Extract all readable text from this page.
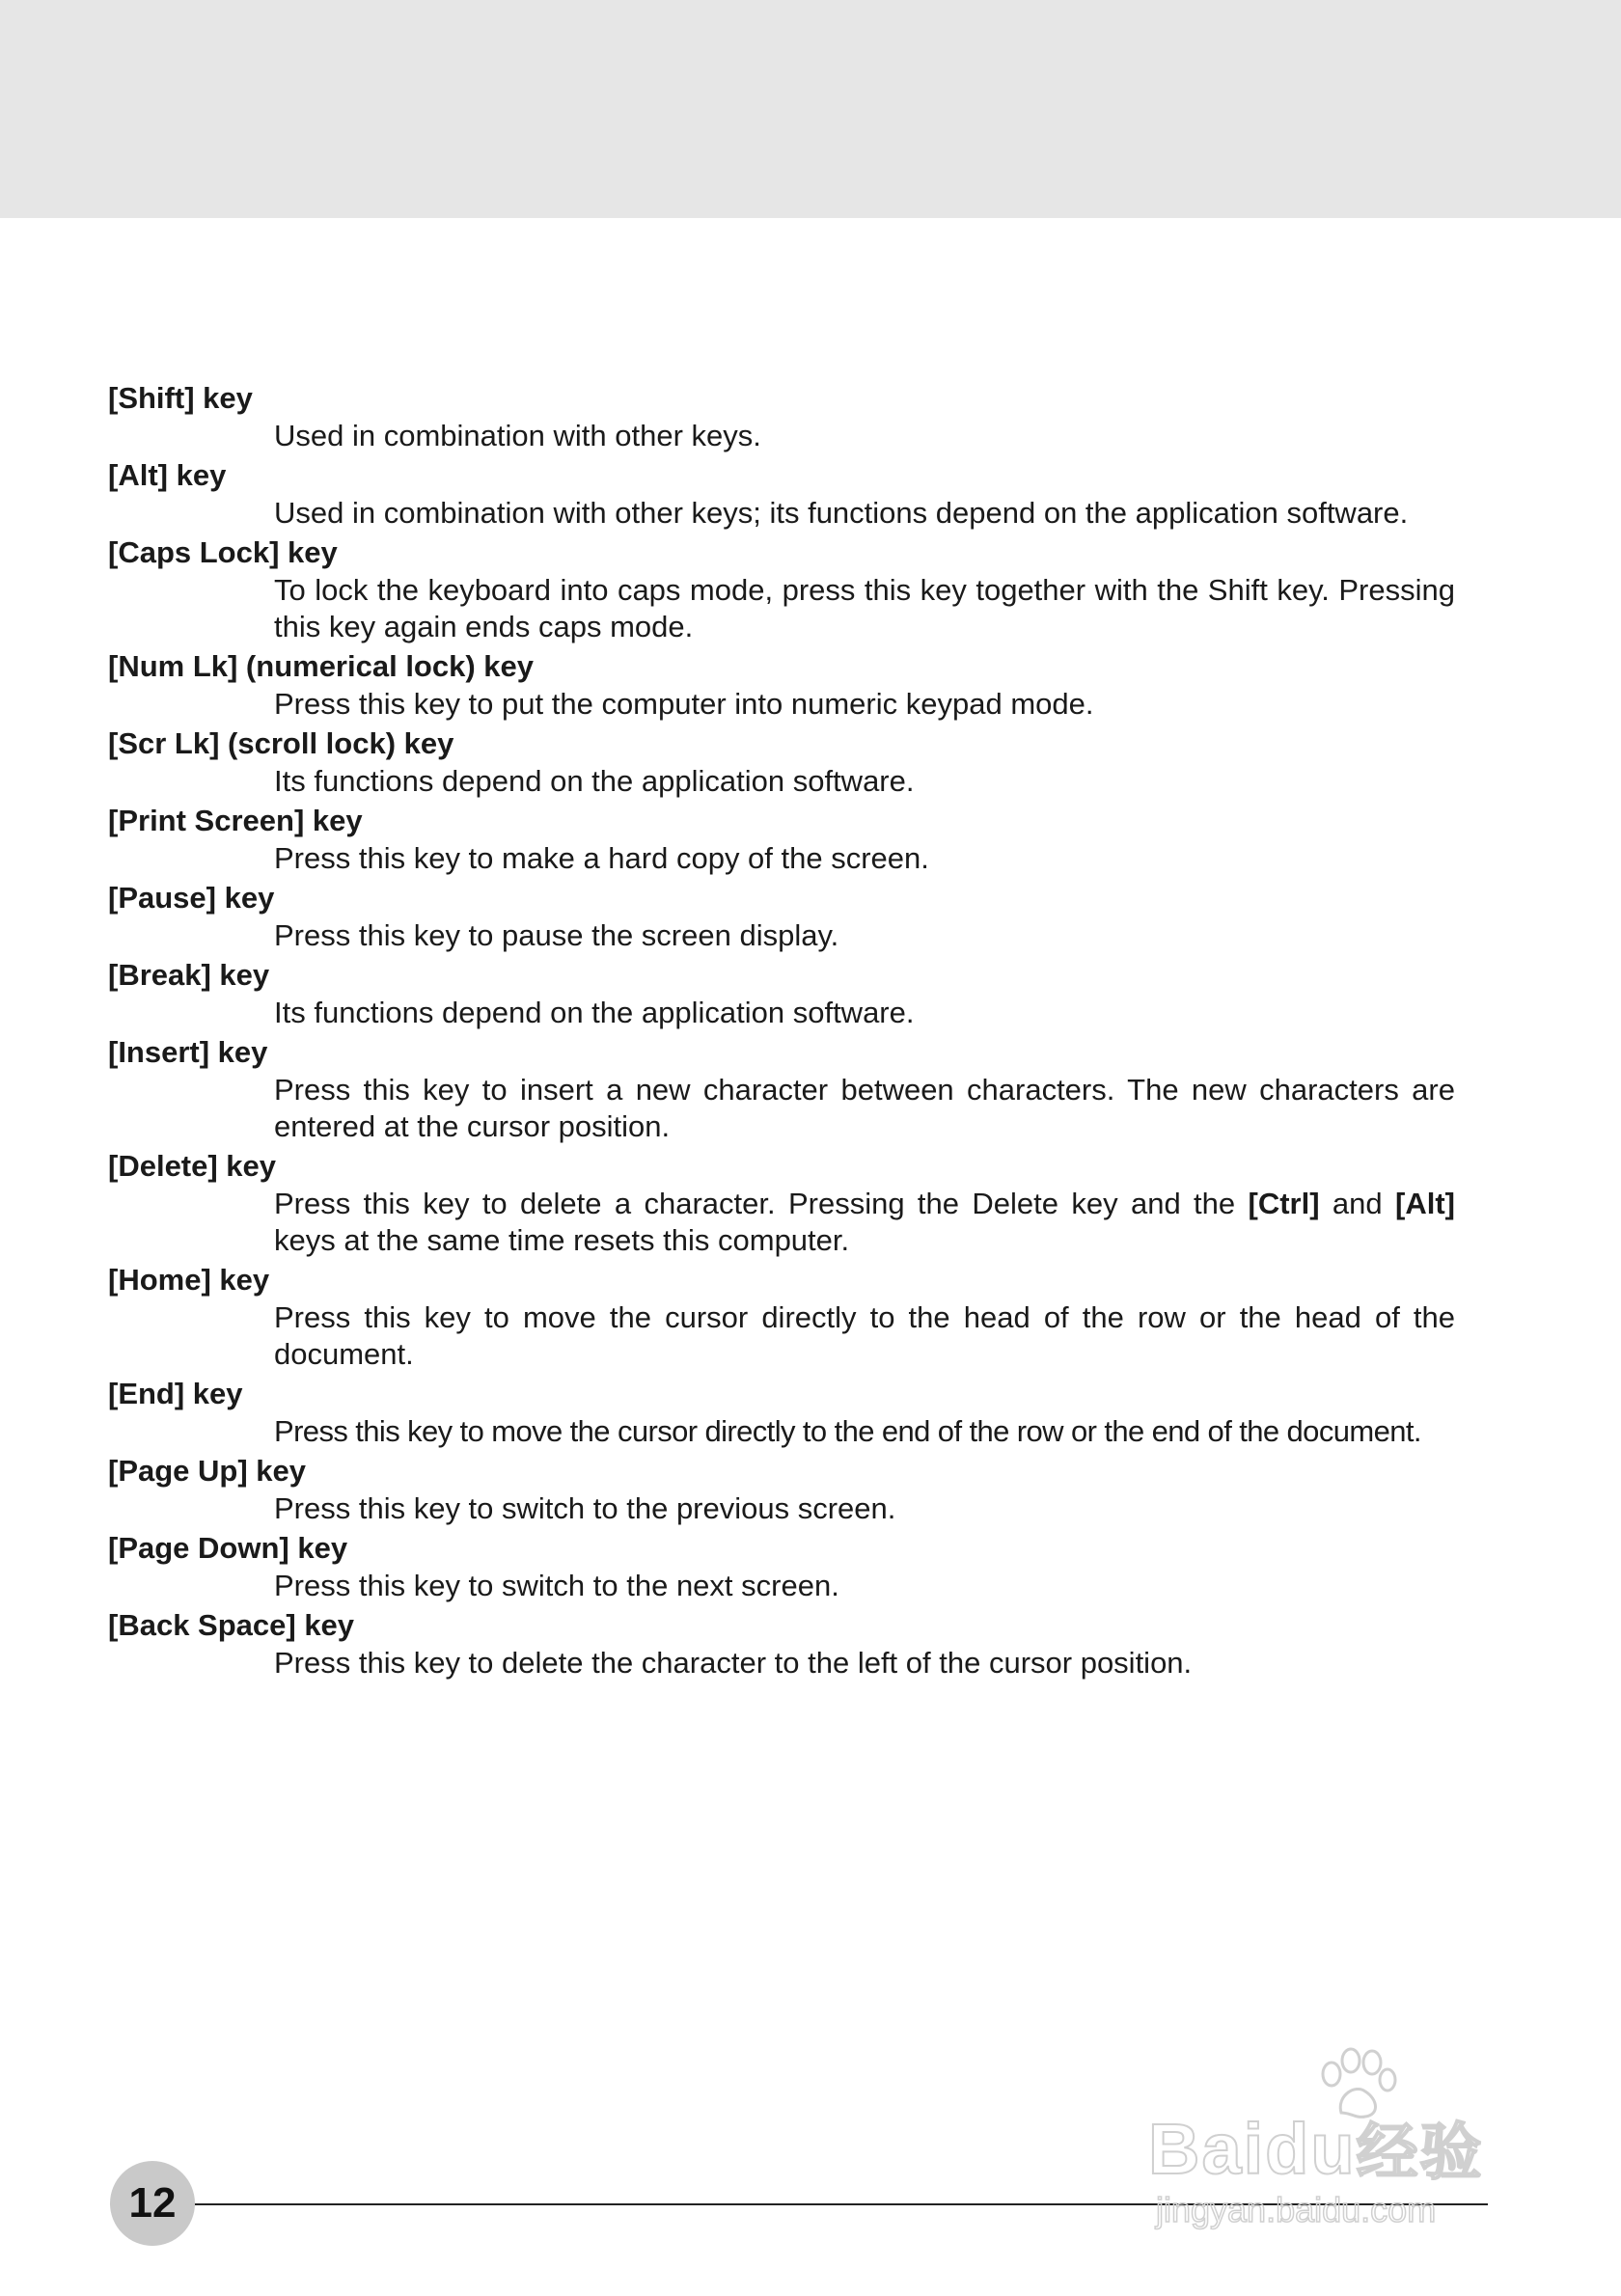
[Shift] key

Used in combination with other keys.

[Alt] key

Used in combination with other keys; its functions depend on the application software.

[Caps Lock] key

To lock the keyboard into caps mode, press this key together with the Shift key. Pressing this key again ends caps mode.

[Num Lk] (numerical lock) key

Press this key to put the computer into numeric keypad mode.

[Scr Lk] (scroll lock) key

Its functions depend on the application software.

[Print Screen] key

Press this key to make a hard copy of the screen.

[Pause] key

Press this key to pause the screen display.

[Break] key

Its functions depend on the application software.

[Insert] key

Press this key to insert a new character between characters. The new characters are entered at the cursor position.

[Delete] key

Press this key to delete a character. Pressing the Delete key and the [Ctrl] and [Alt] keys at the same time resets this computer.

[Home] key

Press this key to move the cursor directly to the head of the row or the head of the document.

[End] key

Press this key to move the cursor directly to the end of the row or the end of the document.

[Page Up] key

Press this key to switch to the previous screen.

[Page Down] key

Press this key to switch to the next screen.

[Back Space] key

Press this key to delete the character to the left of the cursor position.

12
Baidu经验
jingyan.baidu.com
